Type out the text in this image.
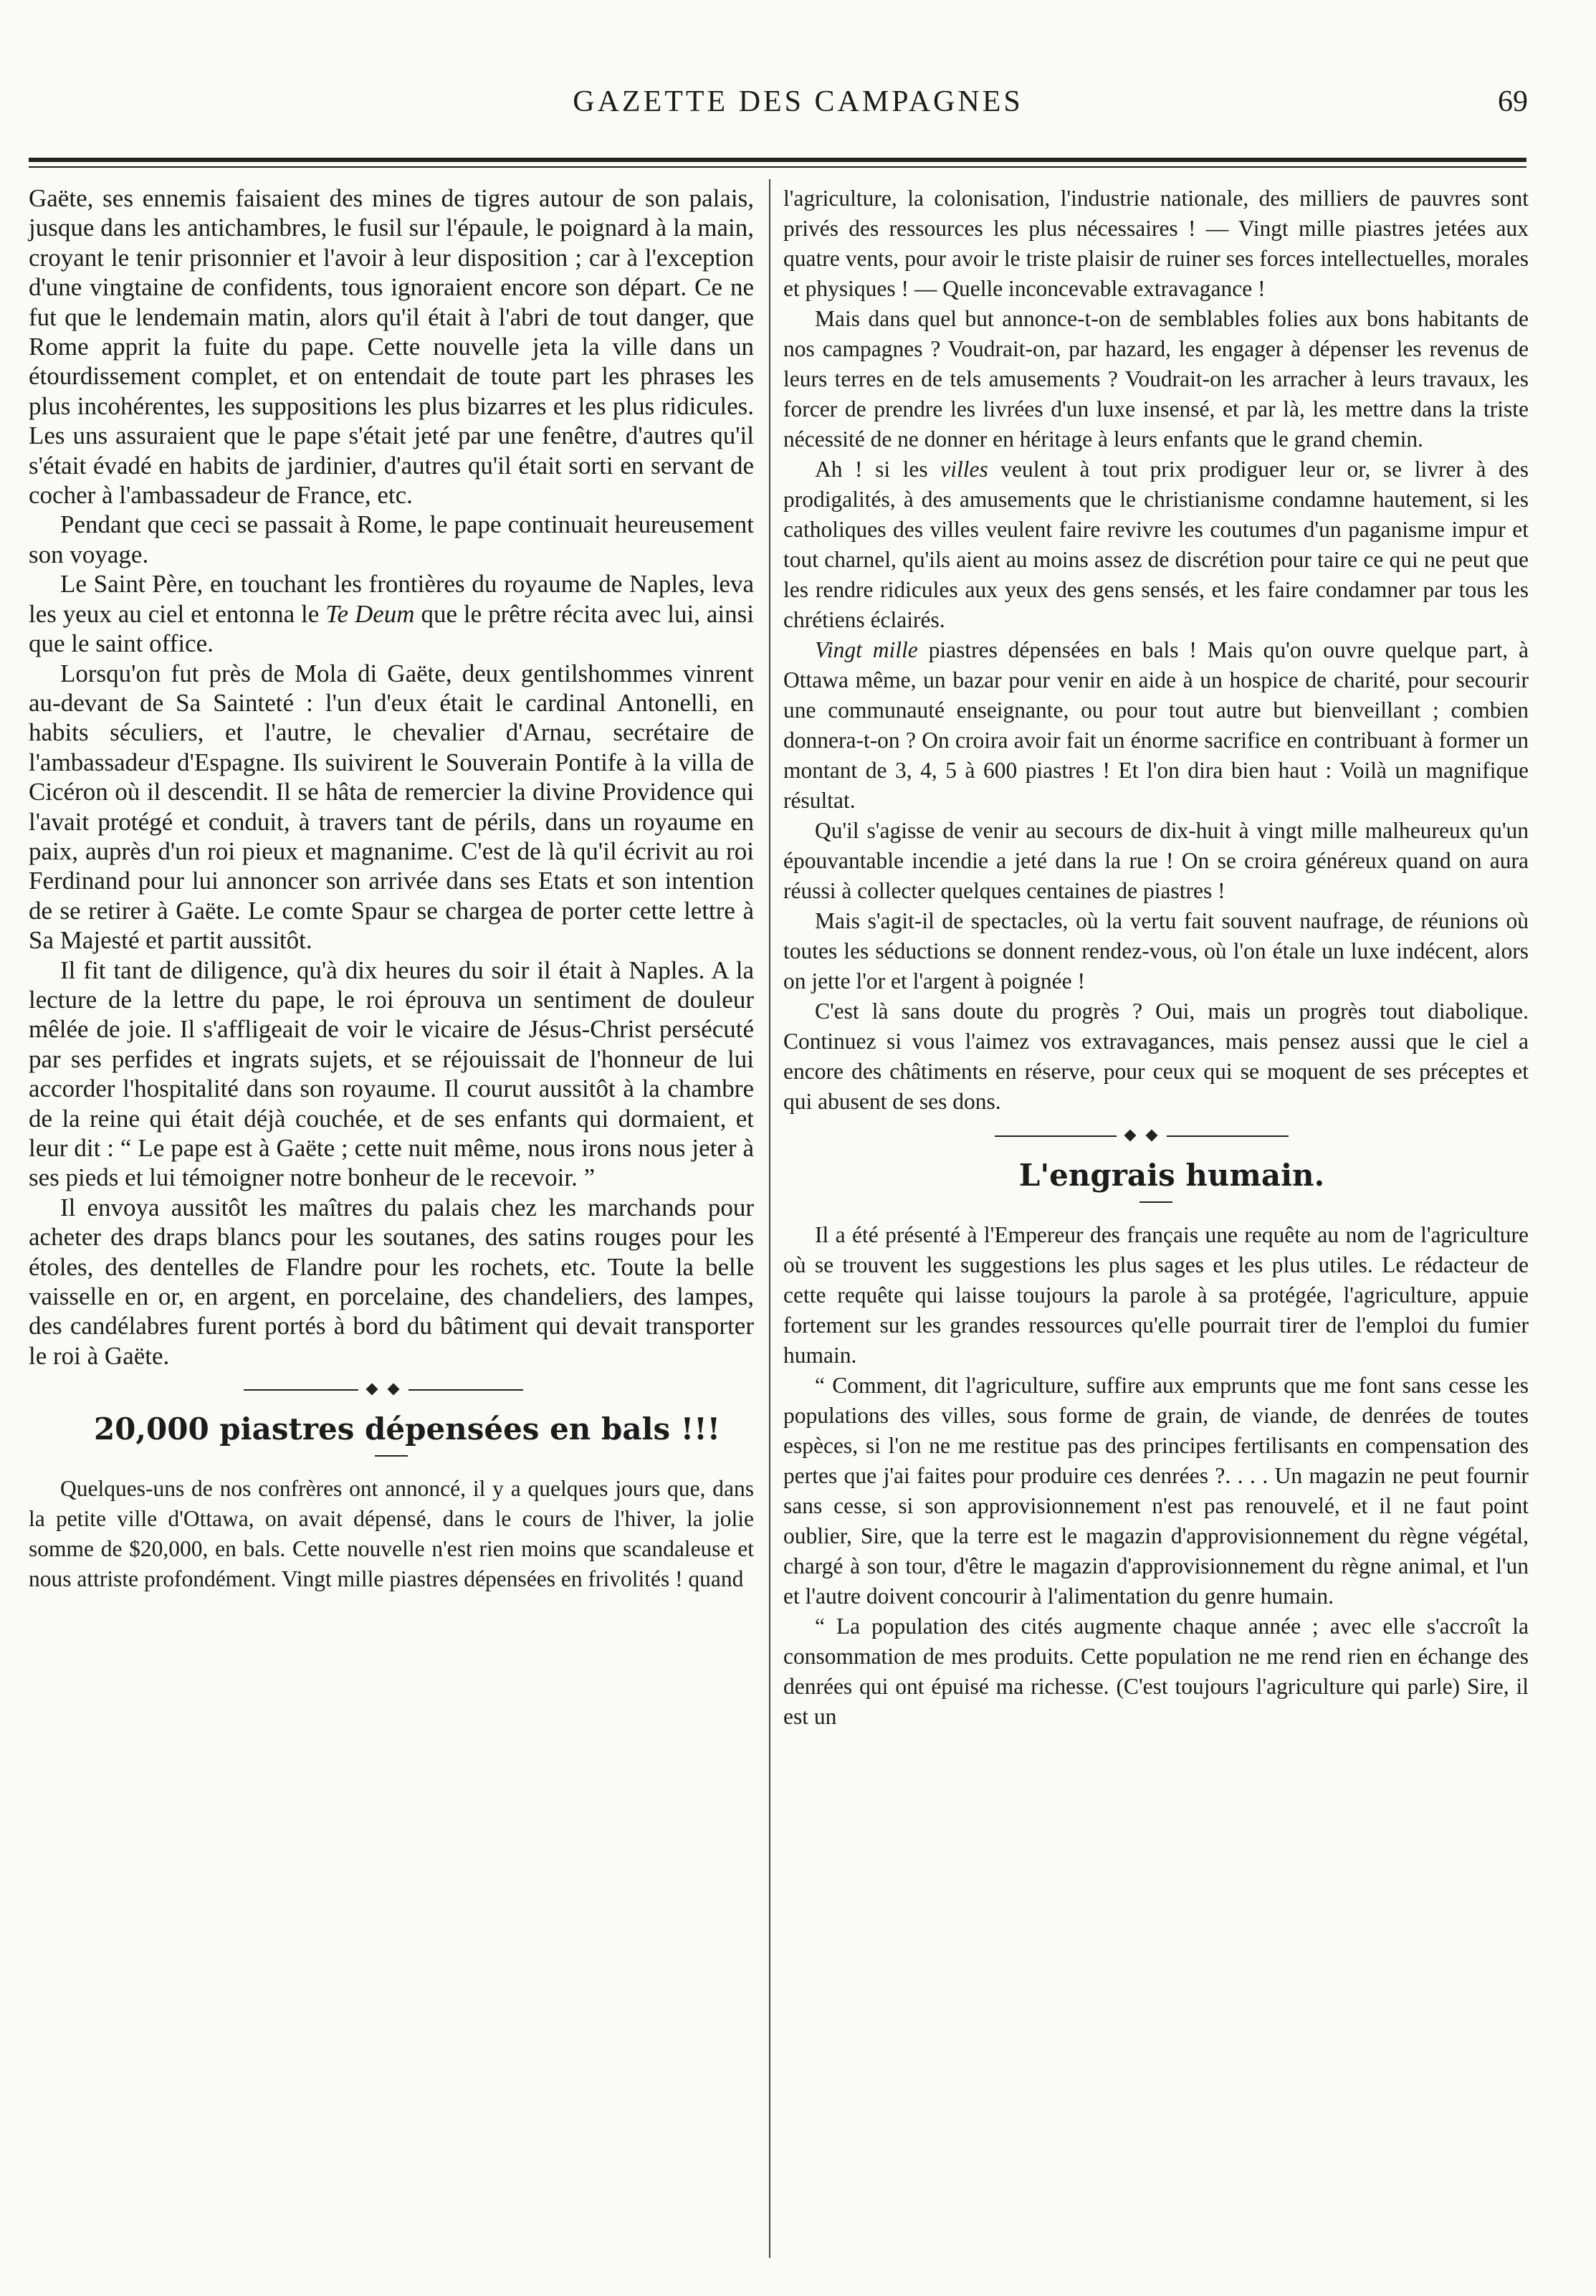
GAZETTE DES CAMPAGNES	69

Gaëte, ses ennemis faisaient des mines de tigres autour de son palais, jusque dans les antichambres, le fusil sur l'épaule, le poignard à la main, croyant le tenir prisonnier et l'avoir à leur disposition ; car à l'exception d'une vingtaine de confidents, tous ignoraient encore son départ. Ce ne fut que le lendemain matin, alors qu'il était à l'abri de tout danger, que Rome apprit la fuite du pape. Cette nouvelle jeta la ville dans un étourdissement complet, et on entendait de toute part les phrases les plus incohérentes, les suppositions les plus bizarres et les plus ridicules. Les uns assuraient que le pape s'était jeté par une fenêtre, d'autres qu'il s'était évadé en habits de jardinier, d'autres qu'il était sorti en servant de cocher à l'ambassadeur de France, etc.

Pendant que ceci se passait à Rome, le pape continuait heureusement son voyage.

Le Saint Père, en touchant les frontières du royaume de Naples, leva les yeux au ciel et entonna le Te Deum que le prêtre récita avec lui, ainsi que le saint office.

Lorsqu'on fut près de Mola di Gaëte, deux gentilshommes vinrent au-devant de Sa Sainteté : l'un d'eux était le cardinal Antonelli, en habits séculiers, et l'autre, le chevalier d'Arnau, secrétaire de l'ambassadeur d'Espagne. Ils suivirent le Souverain Pontife à la villa de Cicéron où il descendit. Il se hâta de remercier la divine Providence qui l'avait protégé et conduit, à travers tant de périls, dans un royaume en paix, auprès d'un roi pieux et magnanime. C'est de là qu'il écrivit au roi Ferdinand pour lui annoncer son arrivée dans ses Etats et son intention de se retirer à Gaëte. Le comte Spaur se chargea de porter cette lettre à Sa Majesté et partit aussitôt.

Il fit tant de diligence, qu'à dix heures du soir il était à Naples. A la lecture de la lettre du pape, le roi éprouva un sentiment de douleur mêlée de joie. Il s'affligeait de voir le vicaire de Jésus-Christ persécuté par ses perfides et ingrats sujets, et se réjouissait de l'honneur de lui accorder l'hospitalité dans son royaume. Il courut aussitôt à la chambre de la reine qui était déjà couchée, et de ses enfants qui dormaient, et leur dit : “ Le pape est à Gaëte ; cette nuit même, nous irons nous jeter à ses pieds et lui témoigner notre bonheur de le recevoir. ”

Il envoya aussitôt les maîtres du palais chez les marchands pour acheter des draps blancs pour les soutanes, des satins rouges pour les étoles, des dentelles de Flandre pour les rochets, etc. Toute la belle vaisselle en or, en argent, en porcelaine, des chandeliers, des lampes, des candélabres furent portés à bord du bâtiment qui devait transporter le roi à Gaëte.

20,000 piastres dépensées en bals !!!

Quelques-uns de nos confrères ont annoncé, il y a quelques jours que, dans la petite ville d'Ottawa, on avait dépensé, dans le cours de l'hiver, la jolie somme de $20,000, en bals. Cette nouvelle n'est rien moins que scandaleuse et nous attriste profondément. Vingt mille piastres dépensées en frivolités ! quand

l'agriculture, la colonisation, l'industrie nationale, des milliers de pauvres sont privés des ressources les plus nécessaires ! — Vingt mille piastres jetées aux quatre vents, pour avoir le triste plaisir de ruiner ses forces intellectuelles, morales et physiques ! — Quelle inconcevable extravagance !

Mais dans quel but annonce-t-on de semblables folies aux bons habitants de nos campagnes ? Voudrait-on, par hazard, les engager à dépenser les revenus de leurs terres en de tels amusements ? Voudrait-on les arracher à leurs travaux, les forcer de prendre les livrées d'un luxe insensé, et par là, les mettre dans la triste nécessité de ne donner en héritage à leurs enfants que le grand chemin.

Ah ! si les villes veulent à tout prix prodiguer leur or, se livrer à des prodigalités, à des amusements que le christianisme condamne hautement, si les catholiques des villes veulent faire revivre les coutumes d'un paganisme impur et tout charnel, qu'ils aient au moins assez de discrétion pour taire ce qui ne peut que les rendre ridicules aux yeux des gens sensés, et les faire condamner par tous les chrétiens éclairés.

Vingt mille piastres dépensées en bals ! Mais qu'on ouvre quelque part, à Ottawa même, un bazar pour venir en aide à un hospice de charité, pour secourir une communauté enseignante, ou pour tout autre but bienveillant ; combien donnera-t-on ? On croira avoir fait un énorme sacrifice en contribuant à former un montant de 3, 4, 5 à 600 piastres ! Et l'on dira bien haut : Voilà un magnifique résultat.

Qu'il s'agisse de venir au secours de dix-huit à vingt mille malheureux qu'un épouvantable incendie a jeté dans la rue ! On se croira généreux quand on aura réussi à collecter quelques centaines de piastres !

Mais s'agit-il de spectacles, où la vertu fait souvent naufrage, de réunions où toutes les séductions se donnent rendez-vous, où l'on étale un luxe indécent, alors on jette l'or et l'argent à poignée !

C'est là sans doute du progrès ? Oui, mais un progrès tout diabolique. Continuez si vous l'aimez vos extravagances, mais pensez aussi que le ciel a encore des châtiments en réserve, pour ceux qui se moquent de ses préceptes et qui abusent de ses dons.

L'engrais humain.

Il a été présenté à l'Empereur des français une requête au nom de l'agriculture où se trouvent les suggestions les plus sages et les plus utiles. Le rédacteur de cette requête qui laisse toujours la parole à sa protégée, l'agriculture, appuie fortement sur les grandes ressources qu'elle pourrait tirer de l'emploi du fumier humain.

“ Comment, dit l'agriculture, suffire aux emprunts que me font sans cesse les populations des villes, sous forme de grain, de viande, de denrées de toutes espèces, si l'on ne me restitue pas des principes fertilisants en compensation des pertes que j'ai faites pour produire ces denrées ?. . . . Un magazin ne peut fournir sans cesse, si son approvisionnement n'est pas renouvelé, et il ne faut point oublier, Sire, que la terre est le magazin d'approvisionnement du règne végétal, chargé à son tour, d'être le magazin d'approvisionnement du règne animal, et l'un et l'autre doivent concourir à l'alimentation du genre humain.

“ La population des cités augmente chaque année ; avec elle s'accroît la consommation de mes produits. Cette population ne me rend rien en échange des denrées qui ont épuisé ma richesse. (C'est toujours l'agriculture qui parle) Sire, il est un
